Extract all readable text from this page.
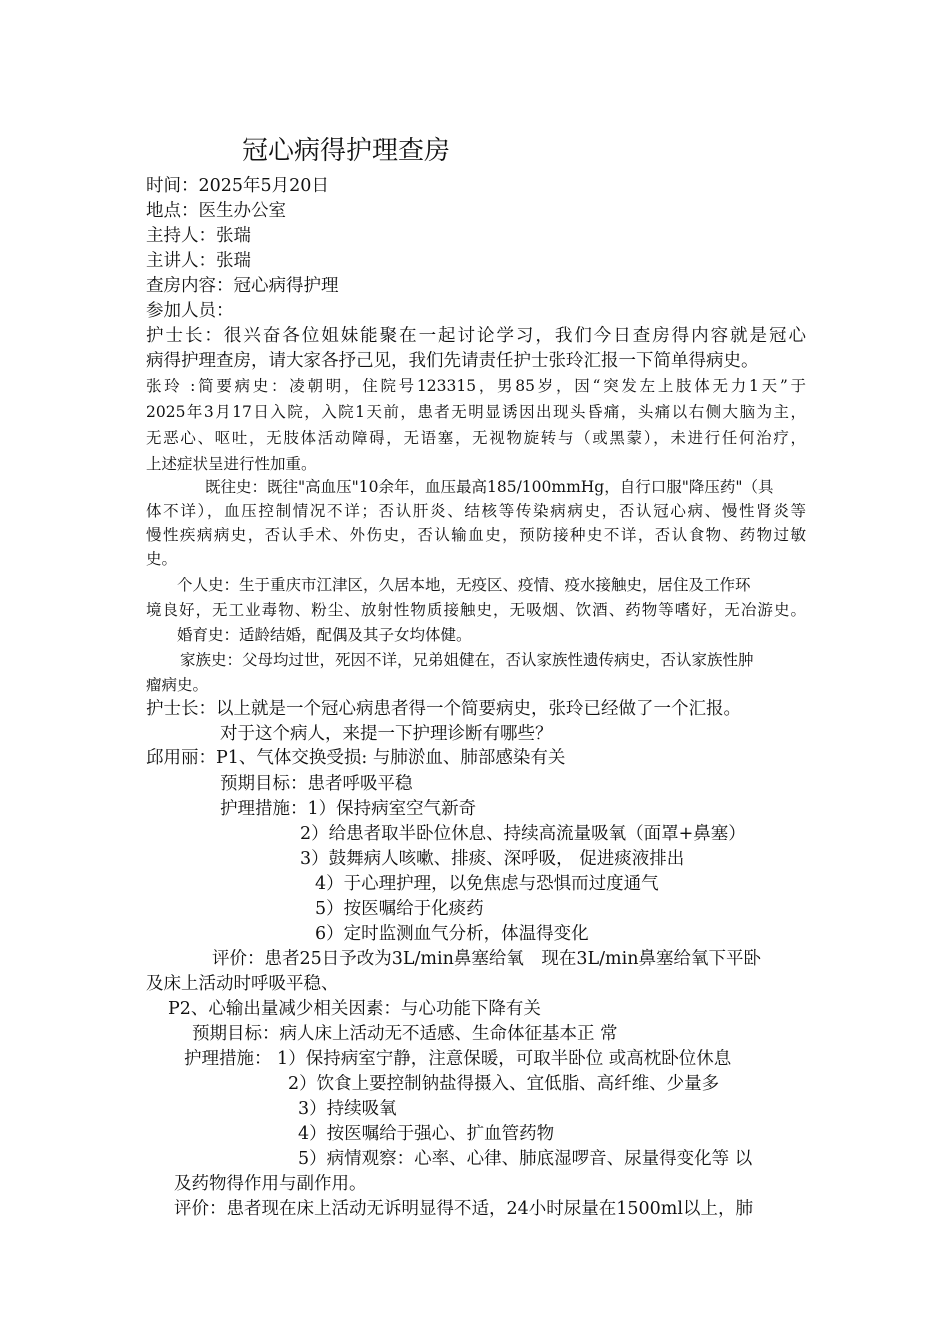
冠心病得护理查房
时间：2025年5月20日
地点：医生办公室
主持人：张瑞
主讲人：张瑞
查房内容：冠心病得护理
参加人员：
护士长：很兴奋各位姐妹能聚在一起讨论学习，我们今日查房得内容就是冠心
病得护理查房，请大家各抒己见，我们先请责任护士张玲汇报一下简单得病史。
张玲 :简要病史：凌朝明，住院号123315，男85岁，因“突发左上肢体无力1天”于
2025年3月17日入院，入院1天前，患者无明显诱因出现头昏痛，头痛以右侧大脑为主，
无恶心、呕吐，无肢体活动障碍，无语塞，无视物旋转与（或黑蒙），未进行任何治疗，
上述症状呈进行性加重。
既往史：既往"高血压"10余年，血压最高185/100mmHg，自行口服"降压药"（具
体不详），血压控制情况不详；否认肝炎、结核等传染病病史，否认冠心病、慢性肾炎等
慢性疾病病史，否认手术、外伤史，否认输血史，预防接种史不详，否认食物、药物过敏
史。
个人史：生于重庆市江津区，久居本地，无疫区、疫情、疫水接触史，居住及工作环
境良好，无工业毒物、粉尘、放射性物质接触史，无吸烟、饮酒、药物等嗜好，无冶游史。
婚育史：适龄结婚，配偶及其子女均体健。
家族史：父母均过世，死因不详，兄弟姐健在，否认家族性遗传病史，否认家族性肿
瘤病史。
护士长：以上就是一个冠心病患者得一个简要病史，张玲已经做了一个汇报。
对于这个病人，来提一下护理诊断有哪些？
邱用丽：P1、气体交换受损: 与肺淤血、肺部感染有关
预期目标：患者呼吸平稳
护理措施：1）保持病室空气新奇
2）给患者取半卧位休息、持续高流量吸氧（面罩+鼻塞）
3）鼓舞病人咳嗽、排痰、深呼吸， 促进痰液排出
4）于心理护理，以免焦虑与恐惧而过度通气
5）按医嘱给于化痰药
6）定时监测血气分析，体温得变化
评价：患者25日予改为3L/min鼻塞给氧　现在3L/min鼻塞给氧下平卧
及床上活动时呼吸平稳、
P2、心输出量减少相关因素：与心功能下降有关
预期目标：病人床上活动无不适感、生命体征基本正 常
护理措施： 1）保持病室宁静，注意保暖，可取半卧位 或高枕卧位休息
2）饮食上要控制钠盐得摄入、宜低脂、高纤维、少量多
3）持续吸氧
4）按医嘱给于强心、扩血管药物
5）病情观察：心率、心律、肺底湿啰音、尿量得变化等 以
及药物得作用与副作用。
评价：患者现在床上活动无诉明显得不适，24小时尿量在1500ml以上，肺
